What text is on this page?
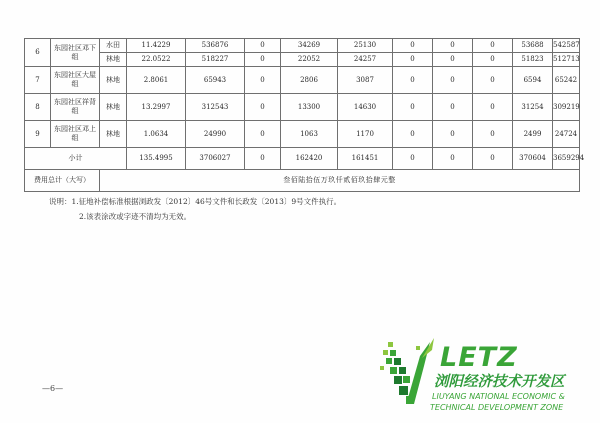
6	东园社区邓下组	水田	11.4229	536876	0	34269	25130	0	0	0	53688	542587
		林地	22.0522	518227	0	22052	24257	0	0	0	51823	512713
7	东园社区大屋组	林地	2.8061	65943	0	2806	3087	0	0	0	6594	65242
8	东园社区祥背组	林地	13.2997	312543	0	13300	14630	0	0	0	31254	309219
9	东园社区邓上组	林地	1.0634	24990	0	1063	1170	0	0	0	2499	24724
小计			135.4995	3706027	0	162420	161451	0	0	0	370604	3659294
费用总计（大写）		叁佰陆拾伍万玖仟贰佰玖拾肆元整										
说明：1.征地补偿标准根据浏政发〔2012〕46号文件和长政发〔2013〕9号文件执行。
2.该表涂改或字迹不清均为无效。
—6—
LETZ
浏阳经济技术开发区
LIUYANG NATIONAL ECONOMIC &
TECHNICAL DEVELOPMENT ZONE
